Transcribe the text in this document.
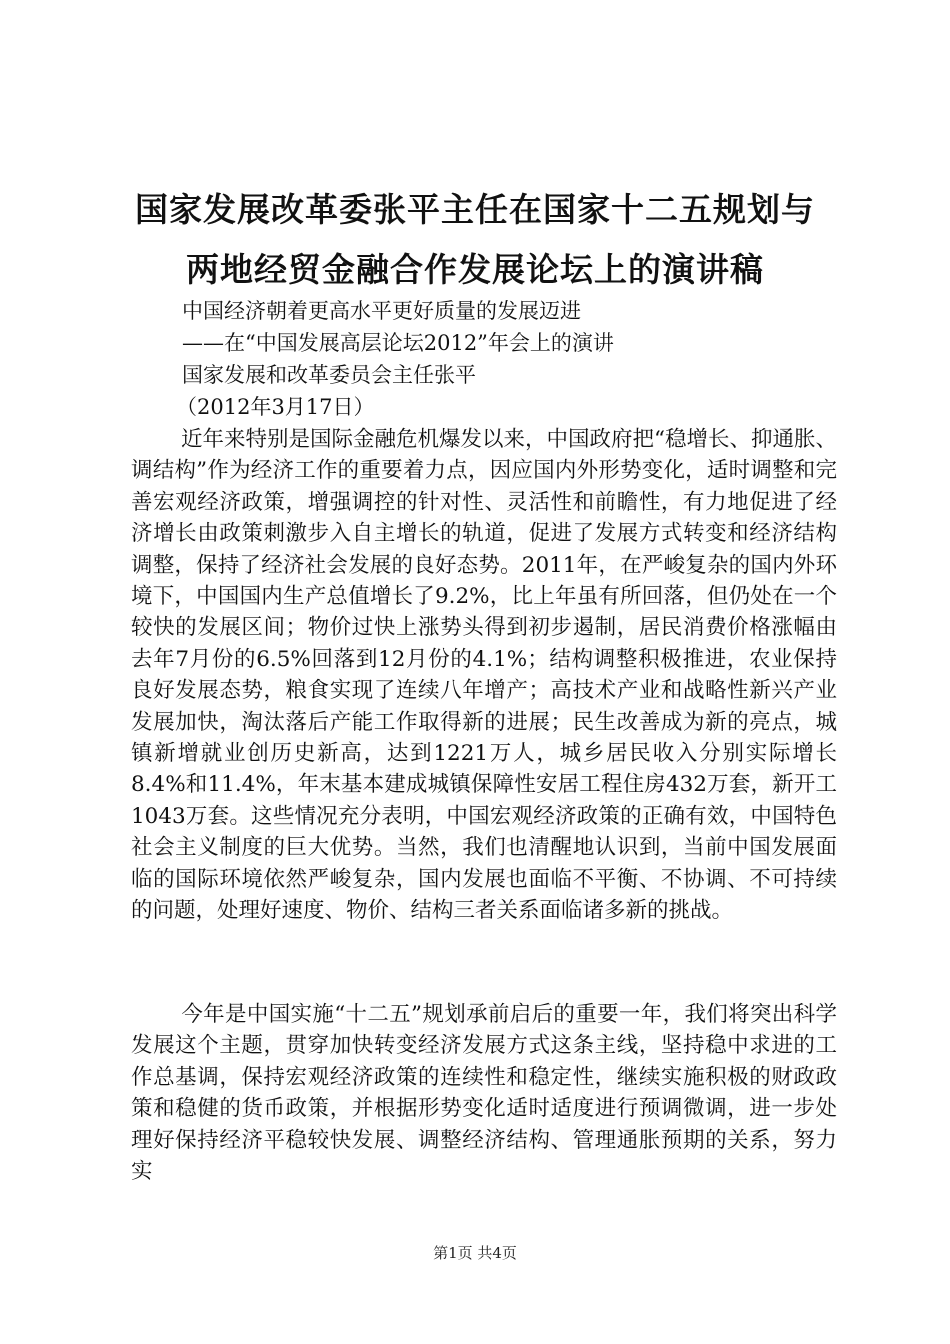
国家发展改革委张平主任在国家十二五规划与
两地经贸金融合作发展论坛上的演讲稿
中国经济朝着更高水平更好质量的发展迈进
——在“中国发展高层论坛2012”年会上的演讲
国家发展和改革委员会主任张平
（2012年3月17日）

近年来特别是国际金融危机爆发以来，中国政府把“稳增长、抑通胀、调结构”作为经济工作的重要着力点，因应国内外形势变化，适时调整和完善宏观经济政策，增强调控的针对性、灵活性和前瞻性，有力地促进了经济增长由政策刺激步入自主增长的轨道，促进了发展方式转变和经济结构调整，保持了经济社会发展的良好态势。2011年，在严峻复杂的国内外环境下，中国国内生产总值增长了9.2%，比上年虽有所回落，但仍处在一个较快的发展区间；物价过快上涨势头得到初步遏制，居民消费价格涨幅由去年7月份的6.5%回落到12月份的4.1%；结构调整积极推进，农业保持良好发展态势，粮食实现了连续八年增产；高技术产业和战略性新兴产业发展加快，淘汰落后产能工作取得新的进展；民生改善成为新的亮点，城镇新增就业创历史新高，达到1221万人，城乡居民收入分别实际增长8.4%和11.4%，年末基本建成城镇保障性安居工程住房432万套，新开工1043万套。这些情况充分表明，中国宏观经济政策的正确有效，中国特色社会主义制度的巨大优势。当然，我们也清醒地认识到，当前中国发展面临的国际环境依然严峻复杂，国内发展也面临不平衡、不协调、不可持续的问题，处理好速度、物价、结构三者关系面临诸多新的挑战。

今年是中国实施“十二五”规划承前启后的重要一年，我们将突出科学发展这个主题，贯穿加快转变经济发展方式这条主线，坚持稳中求进的工作总基调，保持宏观经济政策的连续性和稳定性，继续实施积极的财政政策和稳健的货币政策，并根据形势变化适时适度进行预调微调，进一步处理好保持经济平稳较快发展、调整经济结构、管理通胀预期的关系，努力实

第1页 共4页
